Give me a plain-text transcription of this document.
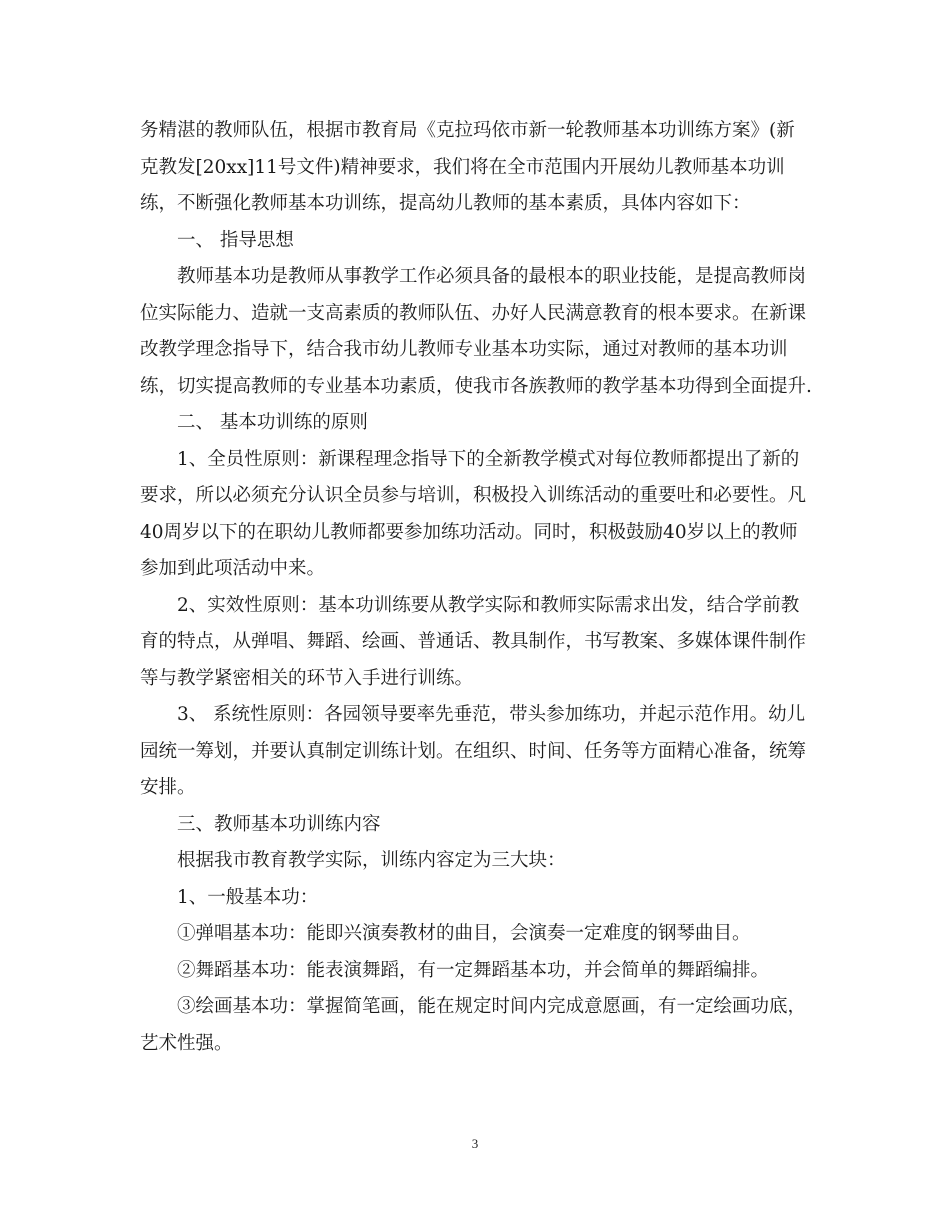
务精湛的教师队伍，根据市教育局《克拉玛依市新一轮教师基本功训练方案》(新克教发[20xx]11号文件)精神要求，我们将在全市范围内开展幼儿教师基本功训练，不断强化教师基本功训练，提高幼儿教师的基本素质，具体内容如下：

一、 指导思想

教师基本功是教师从事教学工作必须具备的最根本的职业技能，是提高教师岗位实际能力、造就一支高素质的教师队伍、办好人民满意教育的根本要求。在新课改教学理念指导下，结合我市幼儿教师专业基本功实际，通过对教师的基本功训练，切实提高教师的专业基本功素质，使我市各族教师的教学基本功得到全面提升.

二、 基本功训练的原则

1、全员性原则：新课程理念指导下的全新教学模式对每位教师都提出了新的要求，所以必须充分认识全员参与培训，积极投入训练活动的重要吐和必要性。凡40周岁以下的在职幼儿教师都要参加练功活动。同时，积极鼓励40岁以上的教师参加到此项活动中来。

2、实效性原则：基本功训练要从教学实际和教师实际需求出发，结合学前教育的特点，从弹唱、舞蹈、绘画、普通话、教具制作，书写教案、多媒体课件制作等与教学紧密相关的环节入手进行训练。

3、 系统性原则：各园领导要率先垂范，带头参加练功，并起示范作用。幼儿园统一筹划，并要认真制定训练计划。在组织、时间、任务等方面精心准备，统筹安排。

三、教师基本功训练内容

根据我市教育教学实际，训练内容定为三大块：

1、一般基本功：

①弹唱基本功：能即兴演奏教材的曲目，会演奏一定难度的钢琴曲目。

②舞蹈基本功：能表演舞蹈，有一定舞蹈基本功，并会简单的舞蹈编排。

③绘画基本功：掌握简笔画，能在规定时间内完成意愿画，有一定绘画功底，艺术性强。

3
